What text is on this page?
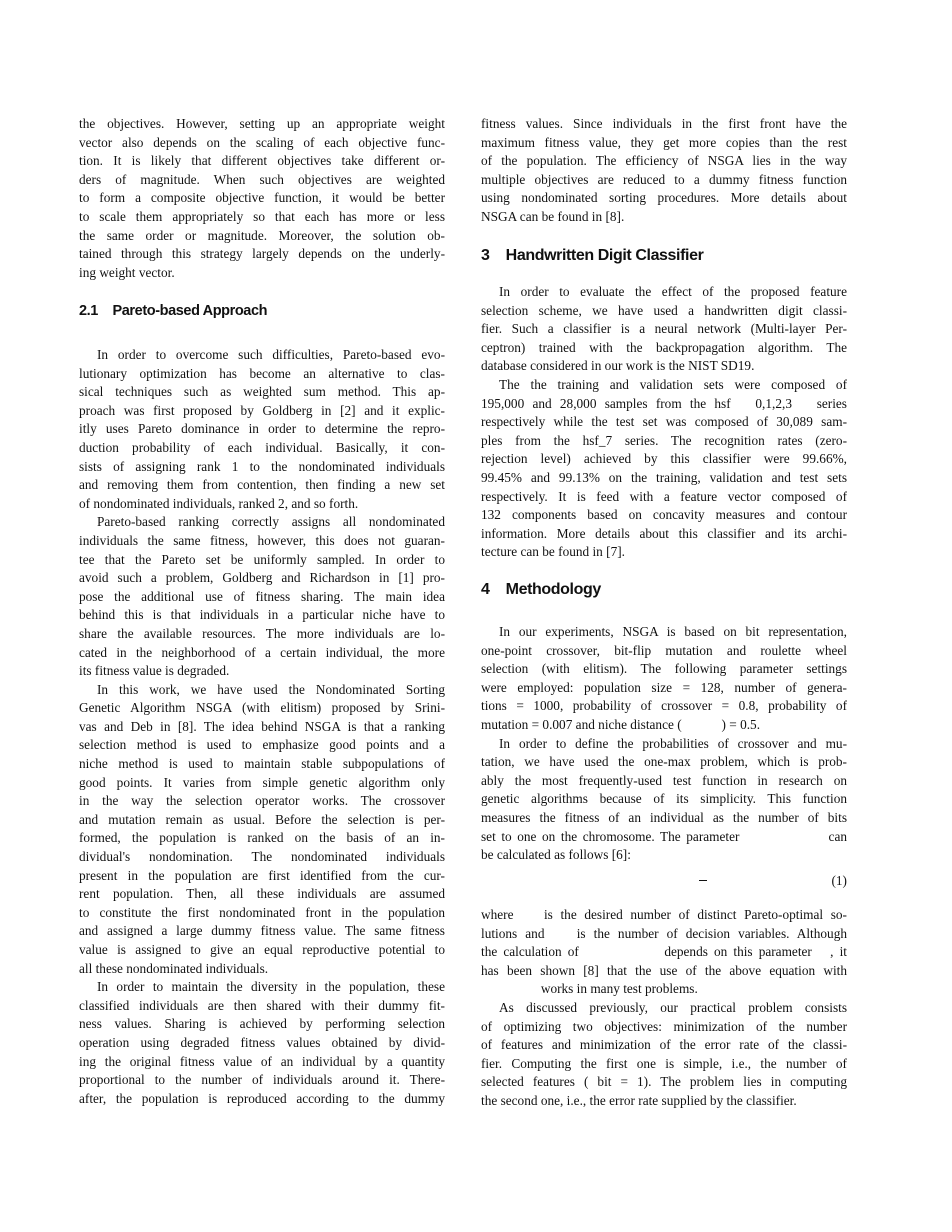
the objectives. However, setting up an appropriate weight
vector also depends on the scaling of each objective func-
tion. It is likely that different objectives take different or-
ders of magnitude. When such objectives are weighted
to form a composite objective function, it would be better
to scale them appropriately so that each has more or less
the same order or magnitude. Moreover, the solution ob-
tained through this strategy largely depends on the underly-
ing weight vector.
2.1    Pareto-based Approach
In order to overcome such difficulties, Pareto-based evo-
lutionary optimization has become an alternative to clas-
sical techniques such as weighted sum method. This ap-
proach was first proposed by Goldberg in [2] and it explic-
itly uses Pareto dominance in order to determine the repro-
duction probability of each individual. Basically, it con-
sists of assigning rank 1 to the nondominated individuals
and removing them from contention, then finding a new set
of nondominated individuals, ranked 2, and so forth.
Pareto-based ranking correctly assigns all nondominated
individuals the same fitness, however, this does not guaran-
tee that the Pareto set be uniformly sampled. In order to
avoid such a problem, Goldberg and Richardson in [1] pro-
pose the additional use of fitness sharing. The main idea
behind this is that individuals in a particular niche have to
share the available resources. The more individuals are lo-
cated in the neighborhood of a certain individual, the more
its fitness value is degraded.
In this work, we have used the Nondominated Sorting
Genetic Algorithm NSGA (with elitism) proposed by Srini-
vas and Deb in [8]. The idea behind NSGA is that a ranking
selection method is used to emphasize good points and a
niche method is used to maintain stable subpopulations of
good points. It varies from simple genetic algorithm only
in the way the selection operator works. The crossover
and mutation remain as usual. Before the selection is per-
formed, the population is ranked on the basis of an in-
dividual's nondomination. The nondominated individuals
present in the population are first identified from the cur-
rent population. Then, all these individuals are assumed
to constitute the first nondominated front in the population
and assigned a large dummy fitness value. The same fitness
value is assigned to give an equal reproductive potential to
all these nondominated individuals.
In order to maintain the diversity in the population, these
classified individuals are then shared with their dummy fit-
ness values. Sharing is achieved by performing selection
operation using degraded fitness values obtained by divid-
ing the original fitness value of an individual by a quantity
proportional to the number of individuals around it. There-
after, the population is reproduced according to the dummy
fitness values. Since individuals in the first front have the
maximum fitness value, they get more copies than the rest
of the population. The efficiency of NSGA lies in the way
multiple objectives are reduced to a dummy fitness function
using nondominated sorting procedures. More details about
NSGA can be found in [8].
3    Handwritten Digit Classifier
In order to evaluate the effect of the proposed feature
selection scheme, we have used a handwritten digit classi-
fier. Such a classifier is a neural network (Multi-layer Per-
ceptron) trained with the backpropagation algorithm. The
database considered in our work is the NIST SD19.
The the training and validation sets were composed of
195,000 and 28,000 samples from the hsf   0,1,2,3   series
respectively while the test set was composed of 30,089 sam-
ples from the hsf_7 series. The recognition rates (zero-
rejection level) achieved by this classifier were 99.66%,
99.45% and 99.13% on the training, validation and test sets
respectively. It is feed with a feature vector composed of
132 components based on concavity measures and contour
information. More details about this classifier and its archi-
tecture can be found in [7].
4    Methodology
In our experiments, NSGA is based on bit representation,
one-point crossover, bit-flip mutation and roulette wheel
selection (with elitism). The following parameter settings
were employed: population size = 128, number of genera-
tions = 1000, probability of crossover = 0.8, probability of
mutation = 0.007 and niche distance (            ) = 0.5.
In order to define the probabilities of crossover and mu-
tation, we have used the one-max problem, which is prob-
ably the most frequently-used test function in research on
genetic algorithms because of its simplicity. This function
measures the fitness of an individual as the number of bits
set to one on the chromosome. The parameter                can
be calculated as follows [6]:
(1)
where    is the desired number of distinct Pareto-optimal so-
lutions and    is the number of decision variables. Although
the calculation of              depends on this parameter   , it
has been shown [8] that the use of the above equation with
works in many test problems.
As discussed previously, our practical problem consists
of optimizing two objectives: minimization of the number
of features and minimization of the error rate of the classi-
fier. Computing the first one is simple, i.e., the number of
selected features ( bit = 1). The problem lies in computing
the second one, i.e., the error rate supplied by the classifier.
